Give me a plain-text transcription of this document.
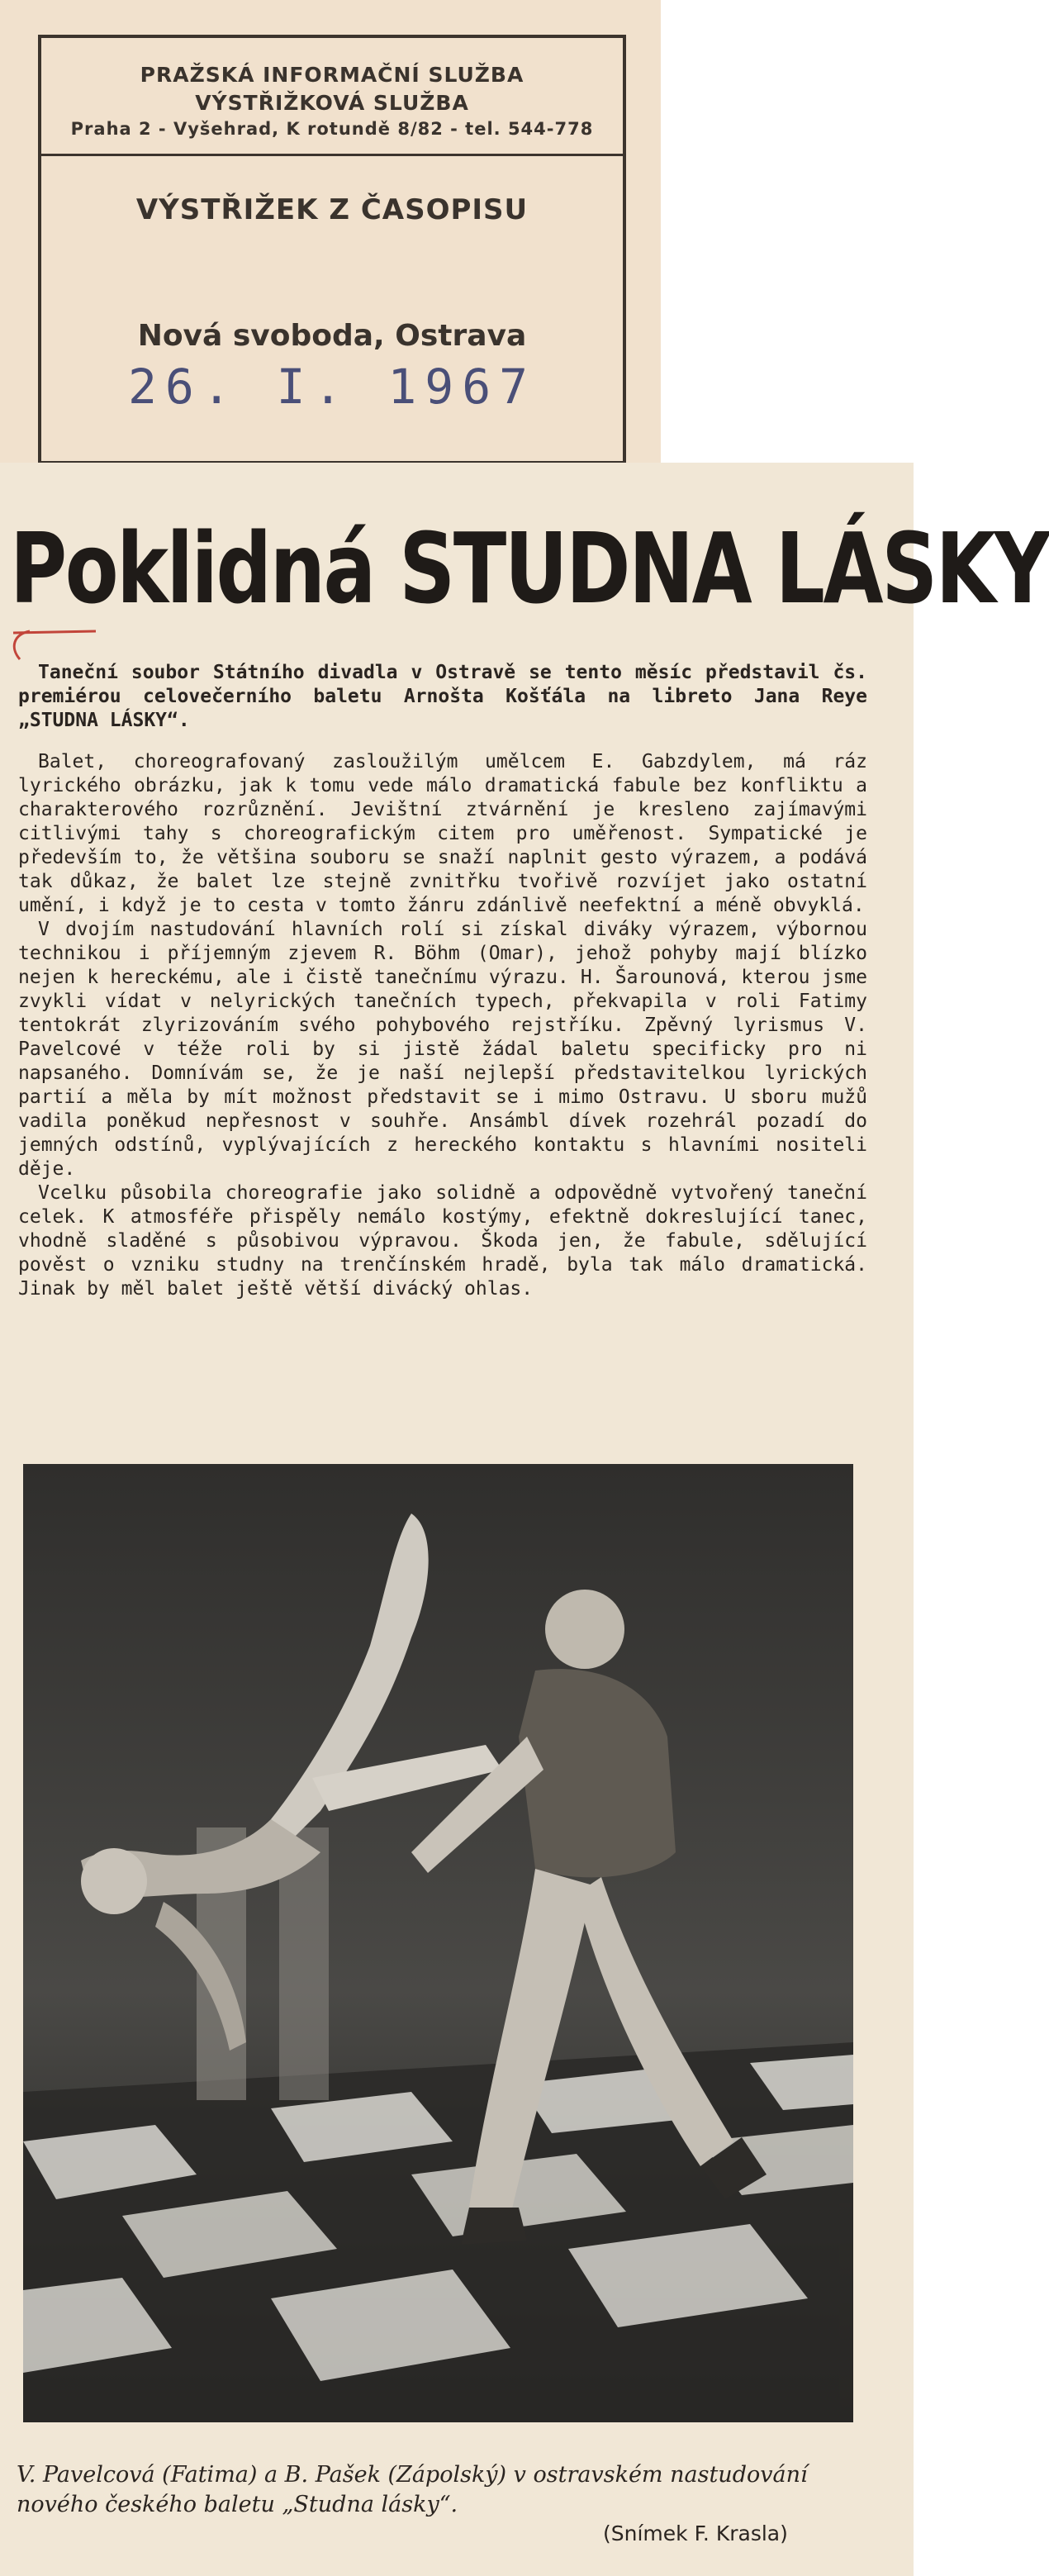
PRAŽSKÁ INFORMAČNÍ SLUŽBA
VÝSTŘIŽKOVÁ SLUŽBA
Praha 2 - Vyšehrad, K rotundě 8/82 - tel. 544-778
VÝSTŘIŽEK Z ČASOPISU
Nová svoboda, Ostrava
26. I. 1967
Poklidná STUDNA LÁSKY
Taneční soubor Státního divadla v Ostravě se tento měsíc představil čs. premiérou celovečerního baletu Arnošta Košťála na libreto Jana Reye „STUDNA LÁSKY“.

Balet, choreografovaný zasloužilým umělcem E. Gabzdylem, má ráz lyrického obrázku, jak k tomu vede málo dramatická fabule bez konfliktu a charakterového rozrůznění. Jevištní ztvárnění je kresleno zajímavými citlivými tahy s choreografickým citem pro uměřenost. Sympatické je především to, že většina souboru se snaží naplnit gesto výrazem, a podává tak důkaz, že balet lze stejně zvnitřku tvořivě rozvíjet jako ostatní umění, i když je to cesta v tomto žánru zdánlivě neefektní a méně obvyklá.

V dvojím nastudování hlavních rolí si získal diváky výrazem, výbornou technikou i příjemným zjevem R. Böhm (Omar), jehož pohyby mají blízko nejen k hereckému, ale i čistě tanečnímu výrazu. H. Šarounová, kterou jsme zvykli vídat v nelyrických tanečních typech, překvapila v roli Fatimy tentokrát zlyrizováním svého pohybového rejstříku. Zpěvný lyrismus V. Pavelcové v téže roli by si jistě žádal baletu specificky pro ni napsaného. Domnívám se, že je naší nejlepší představitelkou lyrických partií a měla by mít možnost představit se i mimo Ostravu. U sboru mužů vadila poněkud nepřesnost v souhře. Ansámbl dívek rozehrál pozadí do jemných odstínů, vyplývajících z hereckého kontaktu s hlavními nositeli děje.

Vcelku působila choreografie jako solidně a odpovědně vytvořený taneční celek. K atmosféře přispěly nemálo kostýmy, efektně dokreslující tanec, vhodně sladěné s působivou výpravou. Škoda jen, že fabule, sdělující pověst o vzniku studny na trenčínském hradě, byla tak málo dramatická. Jinak by měl balet ještě větší divácký ohlas.

V. Pavelcová (Fatima) a B. Pašek (Zápolský) v ostravském nastudování nového českého baletu „Studna lásky“.
(Snímek F. Krasla)
